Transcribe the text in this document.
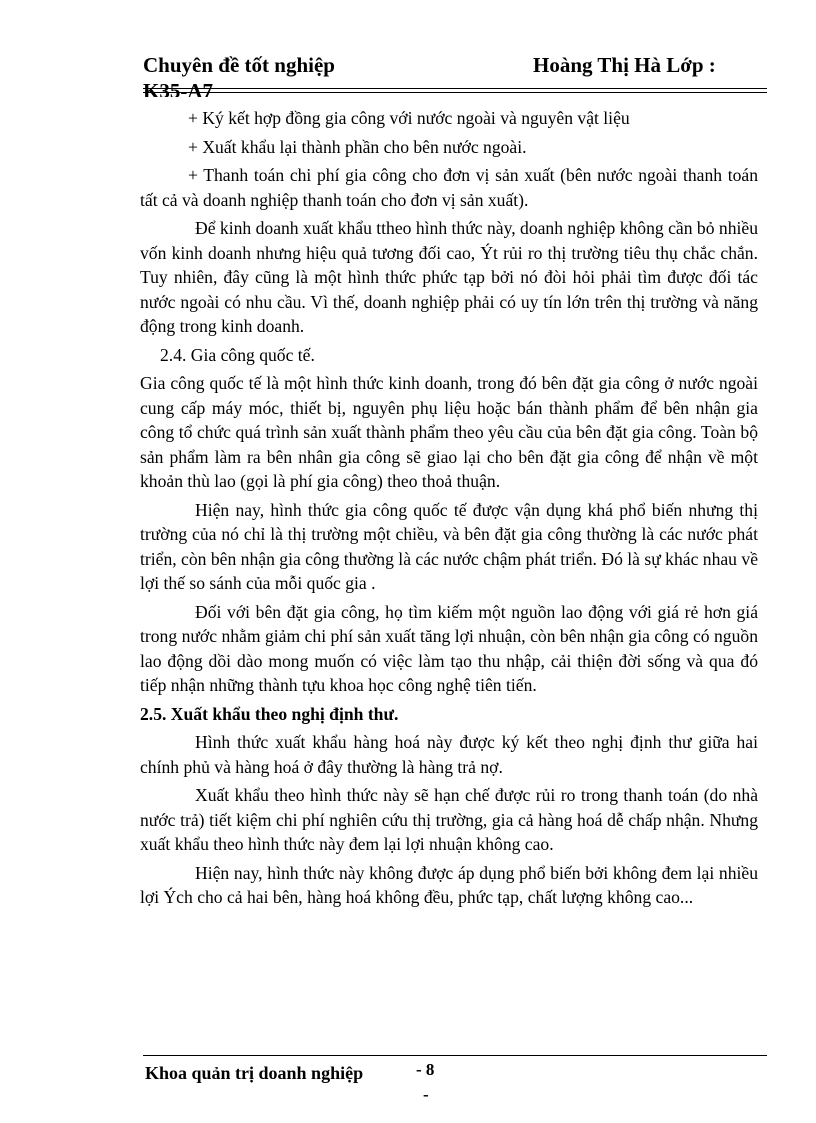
Chuyên đề tốt nghiệp	Hoàng Thị Hà Lớp :
K35-A7

+ Ký kết hợp đồng gia công với nước ngoài và nguyên vật liệu

+ Xuất khẩu lại thành phần cho bên nước ngoài.

+ Thanh toán chi phí gia công cho đơn vị sản xuất (bên nước ngoài thanh toán tất cả và doanh nghiệp thanh toán cho đơn vị sản xuất).

Để kinh doanh xuất khẩu ttheo hình thức này, doanh nghiệp không cần bỏ nhiều vốn kinh doanh nhưng hiệu quả tương đối cao, Ýt rủi ro thị trường tiêu thụ chắc chắn. Tuy nhiên, đây cũng là một hình thức phức tạp bởi nó đòi hỏi phải tìm được đối tác nước ngoài có nhu cầu. Vì thế, doanh nghiệp phải có uy tín lớn trên thị trường và năng động trong kinh doanh.

2.4. Gia công quốc tế.

Gia công quốc tế là một hình thức kinh doanh, trong đó bên đặt gia công ở nước ngoài cung cấp máy móc, thiết bị, nguyên phụ liệu hoặc bán thành phẩm để bên nhận gia công tổ chức quá trình sản xuất thành phẩm theo yêu cầu của bên đặt gia công. Toàn bộ sản phẩm làm ra bên nhân gia công sẽ giao lại cho bên đặt gia công để nhận về một khoản thù lao (gọi là phí gia công) theo thoả thuận.

Hiện nay, hình thức gia công quốc tế được vận dụng khá phổ biến nhưng thị trường của nó chỉ là thị trường một chiều, và bên đặt gia công thường là các nước phát triển, còn bên nhận gia công thường là các nước chậm phát triển. Đó là sự khác nhau về lợi thế so sánh của mỗi quốc gia .

Đối với bên đặt gia công, họ tìm kiếm một nguồn lao động với giá rẻ hơn giá trong nước nhằm giảm chi phí sản xuất tăng lợi nhuận, còn bên nhận gia công có nguồn lao động dồi dào mong muốn có việc làm tạo thu nhập, cải thiện đời sống và qua đó tiếp nhận những thành tựu khoa học công nghệ tiên tiến.

2.5. Xuất khẩu theo nghị định thư.

Hình thức xuất khẩu hàng hoá này được ký kết theo nghị định thư giữa hai chính phủ và hàng hoá ở đây thường là hàng trả nợ.

Xuất khẩu theo hình thức này sẽ hạn chế được rủi ro trong thanh toán (do nhà nước trả) tiết kiệm chi phí nghiên cứu thị trường, gia cả hàng hoá dễ chấp nhận. Nhưng xuất khẩu theo hình thức này đem lại lợi nhuận không cao.

Hiện nay, hình thức này không được áp dụng phổ biến bởi không đem lại nhiều lợi Ých cho cả hai bên, hàng hoá không đều, phức tạp, chất lượng không cao...

Khoa quản trị doanh nghiệp	- 8
-
